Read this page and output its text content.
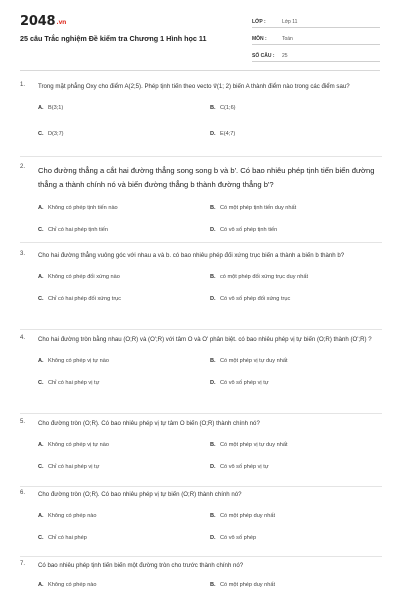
2048.vn
25 câu Trắc nghiệm Đề kiểm tra Chương 1 Hình học 11
LỚP :	Lớp 11
MÔN :	Toán
SỐ CÂU :	25
1.	Trong mặt phẳng Oxy cho điểm A(2;5). Phép tịnh tiến theo vecto v⃗(1; 2) biến A thành điểm nào trong các điểm sau?
A. B(3;1)	B. C(1;6)
C. D(3;7)	D. E(4;7)
2.	Cho đường thẳng a cắt hai đường thẳng song song b và b'. Có bao nhiêu phép tịnh tiến biến đường thẳng a thành chính nó và biến đường thẳng b thành đường thẳng b'?
A. Không có phép tịnh tiến nào	B. Có một phép tịnh tiến duy nhất
C. Chỉ có hai phép tịnh tiến	D. Có vô số phép tịnh tiến
3.	Cho hai đường thẳng vuông góc với nhau a và b. có bao nhiêu phép đối xứng trục biến a thành a biến b thành b?
A. Không có phép đối xứng nào	B. có một phép đối xứng trục duy nhất
C. Chỉ có hai phép đối xứng trục	D. Có vô số phép đối xứng trục
4.	Cho hai đường tròn bằng nhau (O;R) và (O';R) với tâm O và O' phân biệt. có bao nhiêu phép vị tự biến (O;R) thành (O';R) ?
A. Không có phép vị tự nào	B. Có một phép vị tự duy nhất
C. Chỉ có hai phép vị tự	D. Có vô số phép vị tự
5.	Cho đường tròn (O;R). Có bao nhiêu phép vị tự tâm O biến (O;R) thành chính nó?
A. Không có phép vị tự nào	B. Có một phép vị tự duy nhất
C. Chỉ có hai phép vị tự	D. Có vô số phép vị tự
6.	Cho đường tròn (O;R). Có bao nhiêu phép vị tự biến (O;R) thành chính nó?
A. Không có phép nào	B. Có một phép duy nhất
C. Chỉ có hai phép	D. Có vô số phép
7.	Có bao nhiêu phép tịnh tiến biến một đường tròn cho trước thành chính nó?
A. Không có phép nào	B. Có một phép duy nhất
